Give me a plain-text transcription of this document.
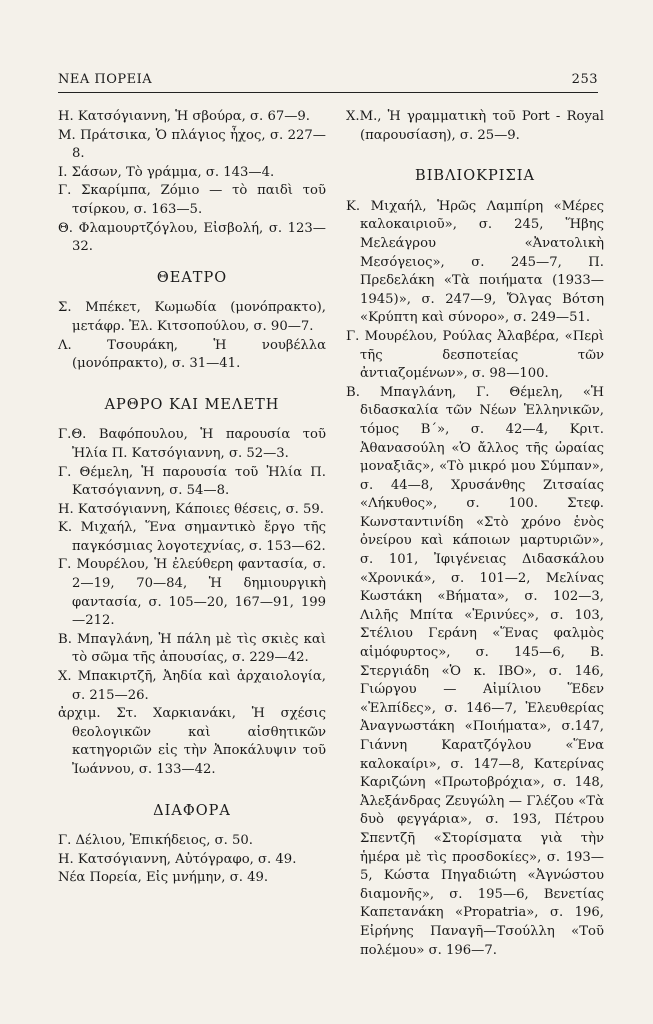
ΝΕΑ ΠΟΡΕΙΑ	253

Η. Κατσόγιαννη, Ἡ σβούρα, σ. 67—9.

Μ. Πράτσικα, Ὁ πλάγιος ἦχος, σ. 227—8.

Ι. Σάσων, Τὸ γράμμα, σ. 143—4.

Γ. Σκαρίμπα, Ζόμιο — τὸ παιδὶ τοῦ τσίρκου, σ. 163—5.

Θ. Φλαμουρτζόγλου, Εἰσβολή, σ. 123—32.

ΘΕΑΤΡΟ

Σ. Μπέκετ, Κωμωδία (μονόπρακτο), μετάφρ. Ἐλ. Κιτσοπούλου, σ. 90—7.

Λ. Τσουράκη, Ἡ νουβέλλα (μονόπρακτο), σ. 31—41.

ΑΡΘΡΟ ΚΑΙ ΜΕΛΕΤΗ

Γ.Θ. Βαφόπουλου, Ἡ παρουσία τοῦ Ἠλία Π. Κατσόγιαννη, σ. 52—3.

Γ. Θέμελη, Ἡ παρουσία τοῦ Ἠλία Π. Κατσόγιαννη, σ. 54—8.

Η. Κατσόγιαννη, Κάποιες θέσεις, σ. 59.

Κ. Μιχαήλ, Ἕνα σημαντικὸ ἔργο τῆς παγκόσμιας λογοτεχνίας, σ. 153—62.

Γ. Μουρέλου, Ἡ ἐλεύθερη φαντασία, σ. 2—19, 70—84, Ἡ δημιουργικὴ φαντασία, σ. 105—20, 167—91, 199—212.

Β. Μπαγλάνη, Ἡ πάλη μὲ τὶς σκιὲς καὶ τὸ σῶμα τῆς ἀπουσίας, σ. 229—42.

Χ. Μπακιρτζῆ, Ἀηδία καὶ ἀρχαιολογία, σ. 215—26.

ἀρχιμ. Στ. Χαρκιανάκι, Ἡ σχέσις θεολογικῶν καὶ αἰσθητικῶν κατηγοριῶν εἰς τὴν Ἀποκάλυψιν τοῦ Ἰωάννου, σ. 133—42.

ΔΙΑΦΟΡΑ

Γ. Δέλιου, Ἐπικήδειος, σ. 50.

Η. Κατσόγιαννη, Αὐτόγραφο, σ. 49.

Νέα Πορεία, Εἰς μνήμην, σ. 49.

Χ.Μ., Ἡ γραμματικὴ τοῦ Port - Royal (παρουσίαση), σ. 25—9.

ΒΙΒΛΙΟΚΡΙΣΙΑ

Κ. Μιχαήλ, Ἡρῶς Λαμπίρη «Μέρες καλοκαιριοῦ», σ. 245, Ἥβης Μελεάγρου «Ἀνατολικὴ Μεσόγειος», σ. 245—7, Π. Πρεδελάκη «Τὰ ποιήματα (1933—1945)», σ. 247—9, Ὄλγας Βότση «Κρύπτη καὶ σύνορο», σ. 249—51.

Γ. Μουρέλου, Ρούλας Ἀλαβέρα, «Περὶ τῆς δεσποτείας τῶν ἀντιαζομένων», σ. 98—100.

Β. Μπαγλάνη, Γ. Θέμελη, «Ἡ διδασκαλία τῶν Νέων Ἑλληνικῶν, τόμος Β΄», σ. 42—4, Κριτ. Ἀθανασούλη «Ὁ ἄλλος τῆς ὡραίας μοναξιᾶς», «Τὸ μικρό μου Σύμπαν», σ. 44—8, Χρυσάνθης Ζιτσαίας «Λήκυθος», σ. 100. Στεφ. Κωνσταντινίδη «Στὸ χρόνο ἑνὸς ὀνείρου καὶ κάποιων μαρτυριῶν», σ. 101, Ἰφιγένειας Διδασκάλου «Χρονικά», σ. 101—2, Μελίνας Κωστάκη «Βήματα», σ. 102—3, Λιλῆς Μπίτα «Ἐρινύες», σ. 103, Στέλιου Γεράνη «Ἕνας φαλμὸς αἱμόφυρτος», σ. 145—6, Β. Στεργιάδη «Ὁ κ. ΙΒΟ», σ. 146, Γιώργου — Αἰμίλιου Ἕδεν «Ἐλπίδες», σ. 146—7, Ἐλευθερίας Ἀναγνωστάκη «Ποιήματα», σ.147, Γιάννη Καρατζόγλου «Ἕνα καλοκαίρι», σ. 147—8, Κατερίνας Καριζώνη «Πρωτοβρόχια», σ. 148, Ἀλεξάνδρας Ζευγώλη — Γλέζου «Τὰ δυὸ φεγγάρια», σ. 193, Πέτρου Σπεντζῆ «Στορίσματα γιὰ τὴν ἡμέρα μὲ τὶς προσδοκίες», σ. 193—5, Κώστα Πηγαδιώτη «Ἀγνώστου διαμονῆς», σ. 195—6, Βενετίας Καπετανάκη «Propatria», σ. 196, Εἰρήνης Παναγῆ—Τσούλλη «Τοῦ πολέμου» σ. 196—7.
